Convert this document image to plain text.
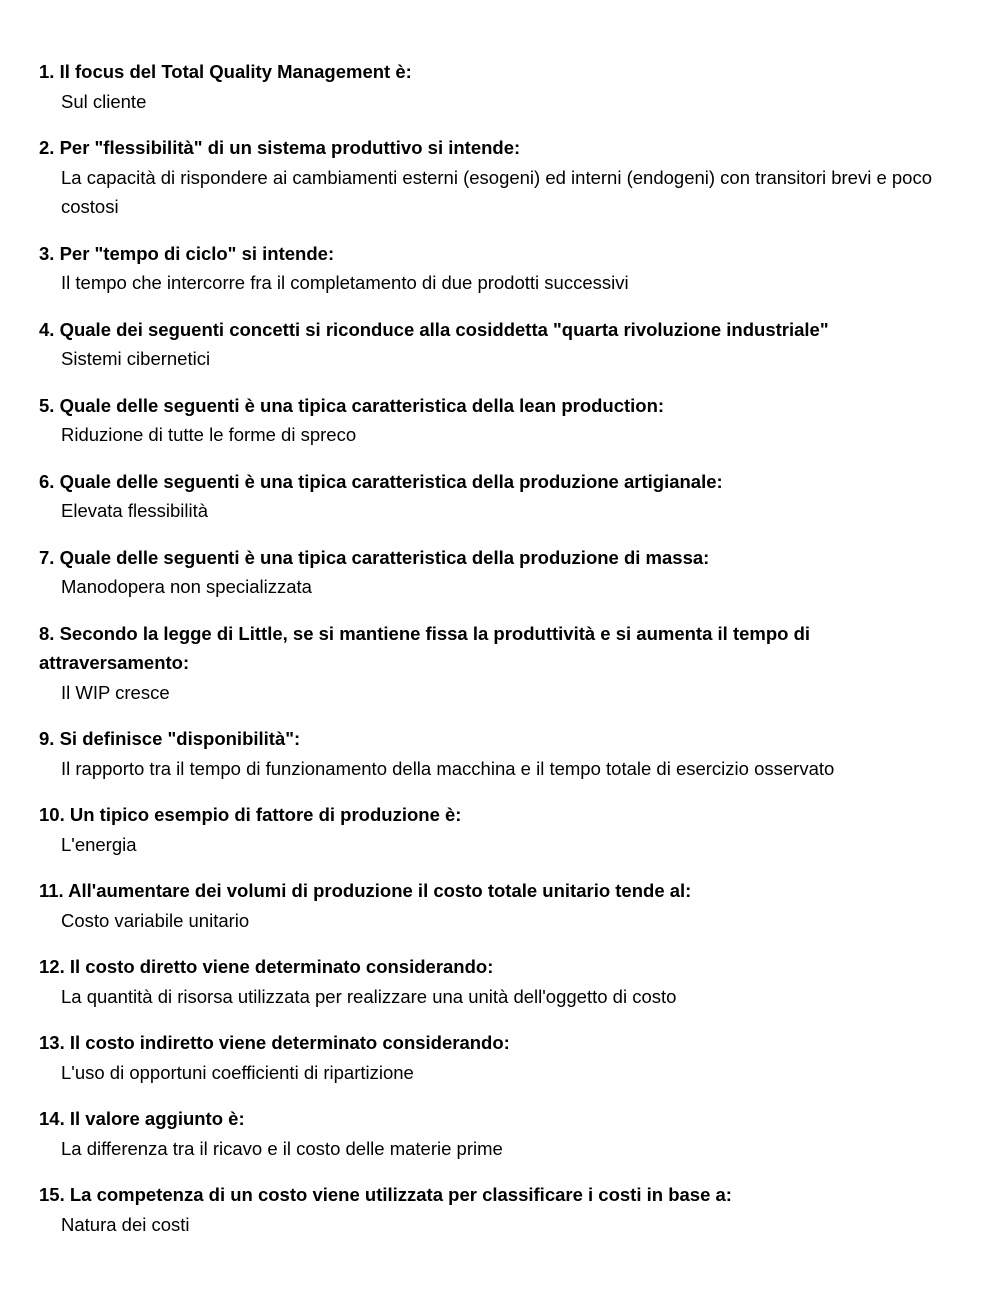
1. Il focus del Total Quality Management è:

Sul cliente

2. Per "flessibilità" di un sistema produttivo si intende:

La capacità di rispondere ai cambiamenti esterni (esogeni) ed interni (endogeni) con transitori brevi e poco costosi

3. Per "tempo di ciclo" si intende:

Il tempo che intercorre fra il completamento di due prodotti successivi

4. Quale dei seguenti concetti si riconduce alla cosiddetta "quarta rivoluzione industriale"

Sistemi cibernetici

5. Quale delle seguenti è una tipica caratteristica della lean production:

Riduzione di tutte le forme di spreco

6. Quale delle seguenti è una tipica caratteristica della produzione artigianale:

Elevata flessibilità

7. Quale delle seguenti è una tipica caratteristica della produzione di massa:

Manodopera non specializzata

8. Secondo la legge di Little, se si mantiene fissa la produttività e si aumenta il tempo di attraversamento:

Il WIP cresce

9. Si definisce "disponibilità":

Il rapporto tra il tempo di funzionamento della macchina e il tempo totale di esercizio osservato

10. Un tipico esempio di fattore di produzione è:

L'energia

11. All'aumentare dei volumi di produzione il costo totale unitario tende al:

Costo variabile unitario

12. Il costo diretto viene determinato considerando:

La quantità di risorsa utilizzata per realizzare una unità dell'oggetto di costo

13. Il costo indiretto viene determinato considerando:

L'uso di opportuni coefficienti di ripartizione

14. Il valore aggiunto è:

La differenza tra il ricavo e il costo delle materie prime

15. La competenza di un costo viene utilizzata per classificare i costi in base a:

Natura dei costi
